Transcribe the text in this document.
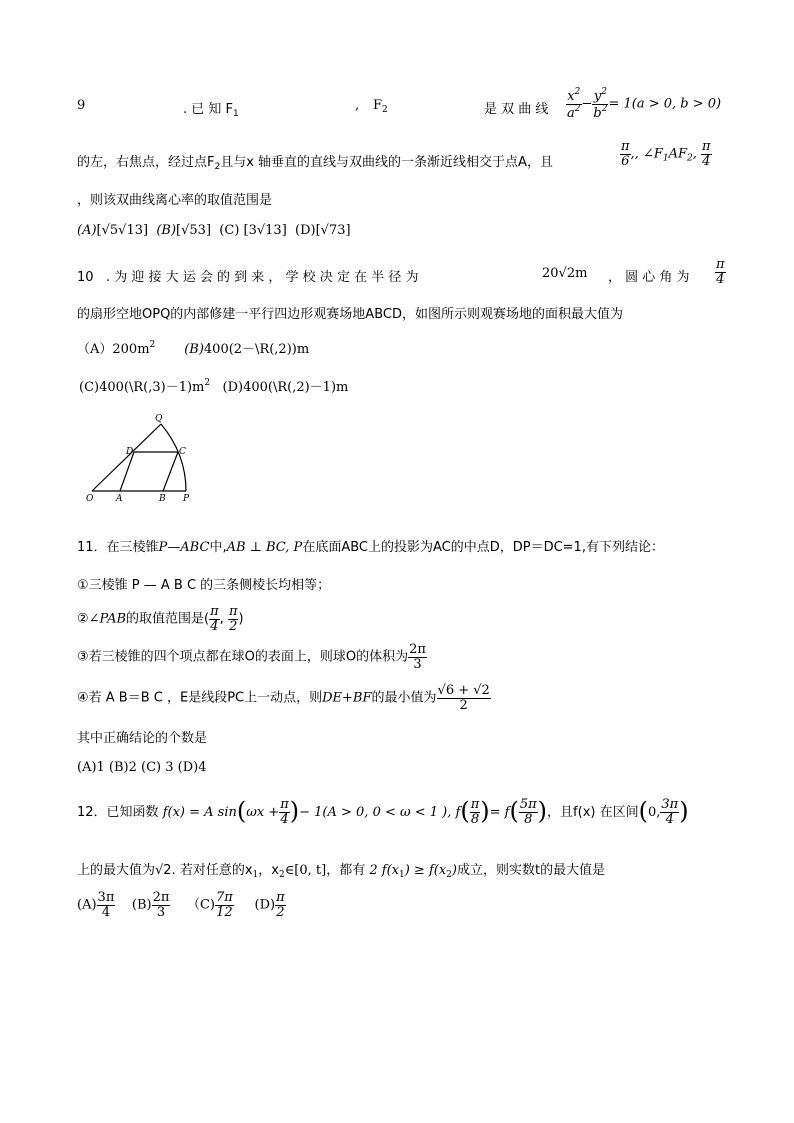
9	. 已 知 $F_1$
, $F_2$	是 双 曲 线 $\frac{x^2}{a^2} - \frac{y^2}{b^2} = 1(a > 0$, b > 0)
的左，右焦点，经过点$F_2$且与x 轴垂直的直线与双曲线的一条渐近线相交于点A，且	$\frac{\pi}{6}$ ,, $\angle F_1AF_2$, $\frac{\pi}{4}$
，则该双曲线离心率的取值范围是
(A)[√5√13] (B)[√53] (C) [3√13] (D)[√73]
10 . 为 迎 接 大 运 会 的 到 来 ， 学 校 决 定 在 半 径 为	20√2m ， 圆 心 角 为 $\frac{\pi}{4}$
的扇形空地OPQ的内部修建一平行四边形观赛场地ABCD，如图所示则观赛场地的面积最大值为
$(A)200m^2$ (B)400(2－\R(,2))m
$(C)400(\backslash R(,3)-1)m^2$ (D)400(\R(,2)－1)m
Q
D	C
O	A	B P
11．在三棱锥P—ABC中,AB ⊥ BC, P在底面ABC上的投影为AC的中点D，DP＝DC=1,有下列结论：
①三棱锥 P — A B C 的三条侧棱长均相等；
②∠PAB的取值范围是( $\frac{\pi}{4}$ , $\frac{\pi}{2}$ )
③若三棱锥的四个项点都在球O的表面上，则球O的体积为 $\frac{2\pi}{3}$
④若 A B＝B C ，E是线段PC上一动点，则DE+BF的最小值为 $\frac{√6 + √2}{2}$
其中正确结论的个数是
(A)1 (B)2 (C) 3 (D)4
12．已知函数 f(x) = A $\sin(\omega x + \frac{\pi}{4}$ )− 1(A > 0, 0 < ω < 1 ), $f( \frac{\pi}{8}$ )= $f( \frac{5\pi}{8}$ )，且f(x) 在区间(0, $\frac{3\pi}{4}$ )
上的最大值为√2. 若对任意的$x_1$，$x_2\in[0$, t]，都有 2 $f(x_1) \ge f(x_2)$成立，则实数t的最大值是
$(A) \frac{3\pi}{4} (B) \frac{2\pi}{3} (C) \frac{7\pi}{12} (D) \frac{\pi}{2}$
